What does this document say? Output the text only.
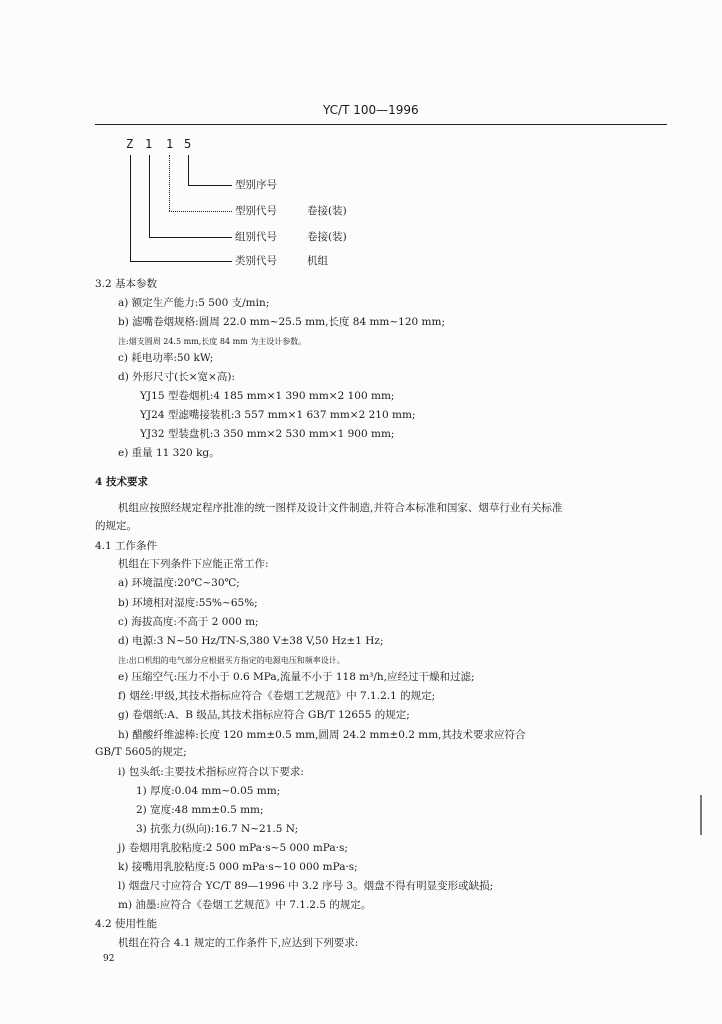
YC/T 100—1996
Z 1 1 5
型别序号
型别代号	卷接(装)
组别代号	卷接(装)
类别代号	机组
3.2 基本参数
a) 额定生产能力:5 500 支/min;
b) 滤嘴卷烟规格:圆周 22.0 mm~25.5 mm,长度 84 mm~120 mm;
注:烟支圆周 24.5 mm,长度 84 mm 为主设计参数。
c) 耗电功率:50 kW;
d) 外形尺寸(长×宽×高):
YJ15 型卷烟机:4 185 mm×1 390 mm×2 100 mm;
YJ24 型滤嘴接装机:3 557 mm×1 637 mm×2 210 mm;
YJ32 型装盘机:3 350 mm×2 530 mm×1 900 mm;
e) 重量 11 320 kg。
4 技术要求
机组应按照经规定程序批准的统一图样及设计文件制造,并符合本标准和国家、烟草行业有关标准
的规定。
4.1 工作条件
机组在下列条件下应能正常工作:
a) 环境温度:20℃~30℃;
b) 环境相对湿度:55%~65%;
c) 海拔高度:不高于 2 000 m;
d) 电源:3 N~50 Hz/TN-S,380 V±38 V,50 Hz±1 Hz;
注:出口机组的电气部分应根据买方指定的电源电压和频率设计。
e) 压缩空气:压力不小于 0.6 MPa,流量不小于 118 m³/h,应经过干燥和过滤;
f) 烟丝:甲级,其技术指标应符合《卷烟工艺规范》中 7.1.2.1 的规定;
g) 卷烟纸:A、B 级品,其技术指标应符合 GB/T 12655 的规定;
h) 醋酸纤维滤棒:长度 120 mm±0.5 mm,圆周 24.2 mm±0.2 mm,其技术要求应符合
GB/T 5605的规定;
i) 包头纸:主要技术指标应符合以下要求:
1) 厚度:0.04 mm~0.05 mm;
2) 宽度:48 mm±0.5 mm;
3) 抗张力(纵向):16.7 N~21.5 N;
j) 卷烟用乳胶粘度:2 500 mPa·s~5 000 mPa·s;
k) 接嘴用乳胶粘度:5 000 mPa·s~10 000 mPa·s;
l) 烟盘尺寸应符合 YC/T 89—1996 中 3.2 序号 3。烟盘不得有明显变形或缺损;
m) 油墨:应符合《卷烟工艺规范》中 7.1.2.5 的规定。
4.2 使用性能
机组在符合 4.1 规定的工作条件下,应达到下列要求:
92
